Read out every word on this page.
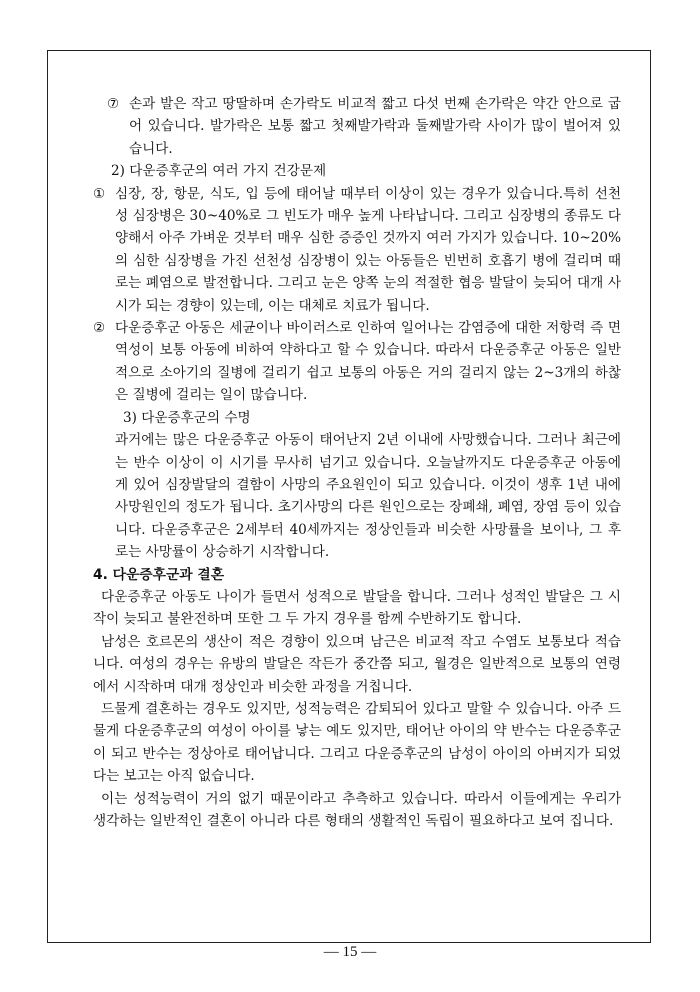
⑦ 손과 발은 작고 땅딸하며 손가락도 비교적 짧고 다섯 번째 손가락은 약간 안으로 굽어 있습니다. 발가락은 보통 짧고 첫째발가락과 둘째발가락 사이가 많이 벌어져 있습니다.

2) 다운증후군의 여러 가지 건강문제

① 심장, 장, 항문, 식도, 입 등에 태어날 때부터 이상이 있는 경우가 있습니다.특히 선천성 심장병은 30~40%로 그 빈도가 매우 높게 나타납니다. 그리고 심장병의 종류도 다양해서 아주 가벼운 것부터 매우 심한 증증인 것까지 여러 가지가 있습니다. 10~20%의 심한 심장병을 가진 선천성 심장병이 있는 아동들은 빈번히 호흡기 병에 걸리며 때로는 폐염으로 발전합니다. 그리고 눈은 양쪽 눈의 적절한 협응 발달이 늦되어 대개 사시가 되는 경향이 있는데, 이는 대체로 치료가 됩니다.

② 다운증후군 아동은 세균이나 바이러스로 인하여 일어나는 감염증에 대한 저항력 즉 면역성이 보통 아동에 비하여 약하다고 할 수 있습니다. 따라서 다운증후군 아동은 일반적으로 소아기의 질병에 걸리기 쉽고 보통의 아동은 거의 걸리지 않는 2~3개의 하찮은 질병에 걸리는 일이 많습니다.

3) 다운증후군의 수명

과거에는 많은 다운증후군 아동이 태어난지 2년 이내에 사망했습니다. 그러나 최근에는 반수 이상이 이 시기를 무사히 넘기고 있습니다. 오늘날까지도 다운증후군 아동에게 있어 심장발달의 결함이 사망의 주요원인이 되고 있습니다. 이것이 생후 1년 내에 사망원인의 정도가 됩니다. 초기사망의 다른 원인으로는 장폐쇄, 폐염, 장염 등이 있습니다. 다운증후군은 2세부터 40세까지는 정상인들과 비슷한 사망률을 보이나, 그 후로는 사망률이 상승하기 시작합니다.

4. 다운증후군과 결혼

다운증후군 아동도 나이가 들면서 성적으로 발달을 합니다. 그러나 성적인 발달은 그 시작이 늦되고 불완전하며 또한 그 두 가지 경우를 함께 수반하기도 합니다.

남성은 호르몬의 생산이 적은 경향이 있으며 남근은 비교적 작고 수염도 보통보다 적습니다. 여성의 경우는 유방의 발달은 작든가 중간쯤 되고, 월경은 일반적으로 보통의 연령에서 시작하며 대개 정상인과 비슷한 과정을 거칩니다.

드물게 결혼하는 경우도 있지만, 성적능력은 감퇴되어 있다고 말할 수 있습니다. 아주 드물게 다운증후군의 여성이 아이를 낳는 예도 있지만, 태어난 아이의 약 반수는 다운증후군이 되고 반수는 정상아로 태어납니다. 그리고 다운증후군의 남성이 아이의 아버지가 되었다는 보고는 아직 없습니다.

이는 성적능력이 거의 없기 때문이라고 추측하고 있습니다. 따라서 이들에게는 우리가 생각하는 일반적인 결혼이 아니라 다른 형태의 생활적인 독립이 필요하다고 보여 집니다.

— 15 —
